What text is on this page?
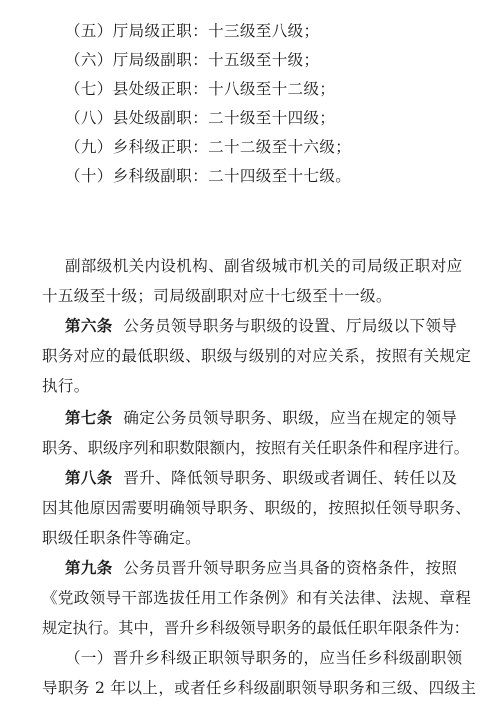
（五）厅局级正职：十三级至八级；
（六）厅局级副职：十五级至十级；
（七）县处级正职：十八级至十二级；
（八）县处级副职：二十级至十四级；
（九）乡科级正职：二十二级至十六级；
（十）乡科级副职：二十四级至十七级。
副部级机关内设机构、副省级城市机关的司局级正职对应
十五级至十级；司局级副职对应十七级至十一级。
第六条 公务员领导职务与职级的设置、厅局级以下领导
职务对应的最低职级、职级与级别的对应关系，按照有关规定
执行。
第七条 确定公务员领导职务、职级，应当在规定的领导
职务、职级序列和职数限额内，按照有关任职条件和程序进行。
第八条 晋升、降低领导职务、职级或者调任、转任以及
因其他原因需要明确领导职务、职级的，按照拟任领导职务、
职级任职条件等确定。
第九条 公务员晋升领导职务应当具备的资格条件，按照
《党政领导干部选拔任用工作条例》和有关法律、法规、章程
规定执行。其中，晋升乡科级领导职务的最低任职年限条件为：
（一）晋升乡科级正职领导职务的，应当任乡科级副职领
导职务 2 年以上，或者任乡科级副职领导职务和三级、四级主
